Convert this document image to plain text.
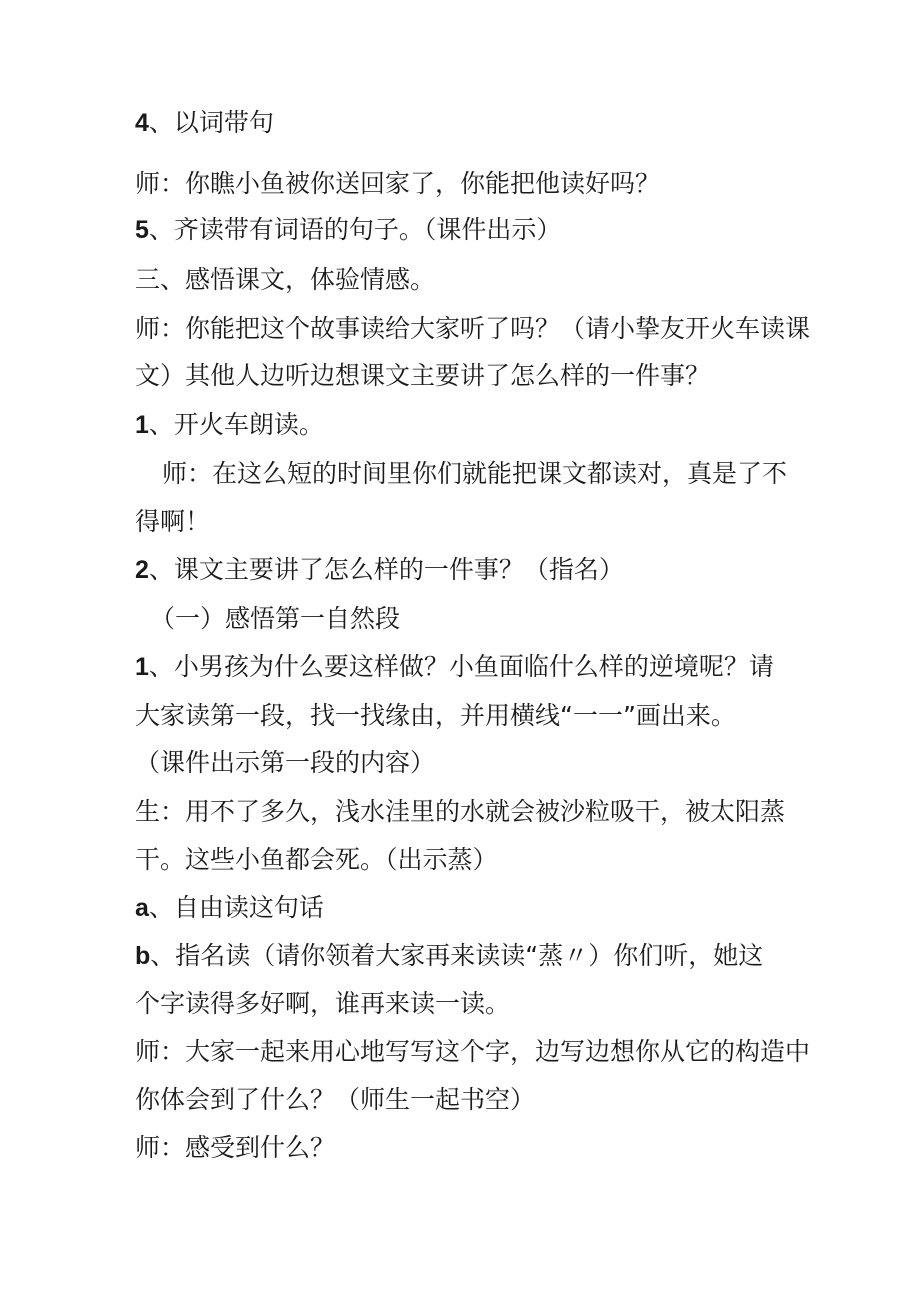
4、以词带句
师：你瞧小鱼被你送回家了，你能把他读好吗？
5、齐读带有词语的句子。（课件出示）
三、感悟课文，体验情感。
师：你能把这个故事读给大家听了吗？（请小挚友开火车读课
文）其他人边听边想课文主要讲了怎么样的一件事？
1、开火车朗读。
师：在这么短的时间里你们就能把课文都读对，真是了不
得啊！
2、课文主要讲了怎么样的一件事？（指名）
（一）感悟第一自然段
1、小男孩为什么要这样做？小鱼面临什么样的逆境呢？请
大家读第一段，找一找缘由，并用横线“一一”画出来。
（课件出示第一段的内容）
生：用不了多久，浅水洼里的水就会被沙粒吸干，被太阳蒸
干。这些小鱼都会死。（出示蒸）
a、自由读这句话
b、指名读（请你领着大家再来读读“蒸〃）你们听，她这
个字读得多好啊，谁再来读一读。
师：大家一起来用心地写写这个字，边写边想你从它的构造中
你体会到了什么？（师生一起书空）
师：感受到什么？
